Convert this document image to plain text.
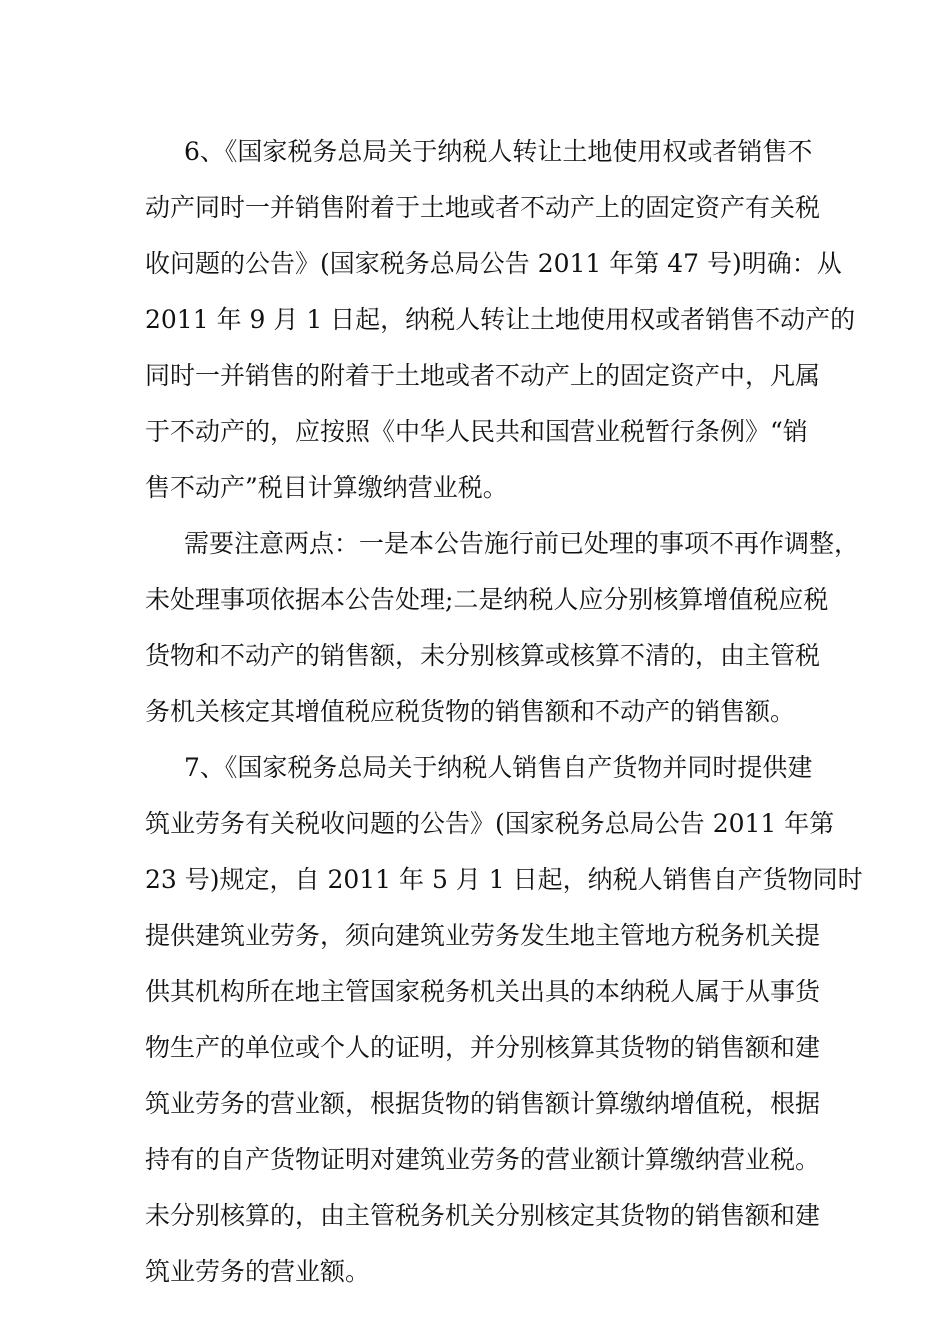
6、《国家税务总局关于纳税人转让土地使用权或者销售不
动产同时一并销售附着于土地或者不动产上的固定资产有关税
收问题的公告》(国家税务总局公告 2011 年第 47 号)明确：从
2011 年 9 月 1 日起，纳税人转让土地使用权或者销售不动产的
同时一并销售的附着于土地或者不动产上的固定资产中，凡属
于不动产的，应按照《中华人民共和国营业税暂行条例》“销
售不动产”税目计算缴纳营业税。
需要注意两点：一是本公告施行前已处理的事项不再作调整，
未处理事项依据本公告处理;二是纳税人应分别核算增值税应税
货物和不动产的销售额，未分别核算或核算不清的，由主管税
务机关核定其增值税应税货物的销售额和不动产的销售额。
7、《国家税务总局关于纳税人销售自产货物并同时提供建
筑业劳务有关税收问题的公告》(国家税务总局公告 2011 年第
23 号)规定，自 2011 年 5 月 1 日起，纳税人销售自产货物同时
提供建筑业劳务，须向建筑业劳务发生地主管地方税务机关提
供其机构所在地主管国家税务机关出具的本纳税人属于从事货
物生产的单位或个人的证明，并分别核算其货物的销售额和建
筑业劳务的营业额，根据货物的销售额计算缴纳增值税，根据
持有的自产货物证明对建筑业劳务的营业额计算缴纳营业税。
未分别核算的，由主管税务机关分别核定其货物的销售额和建
筑业劳务的营业额。
